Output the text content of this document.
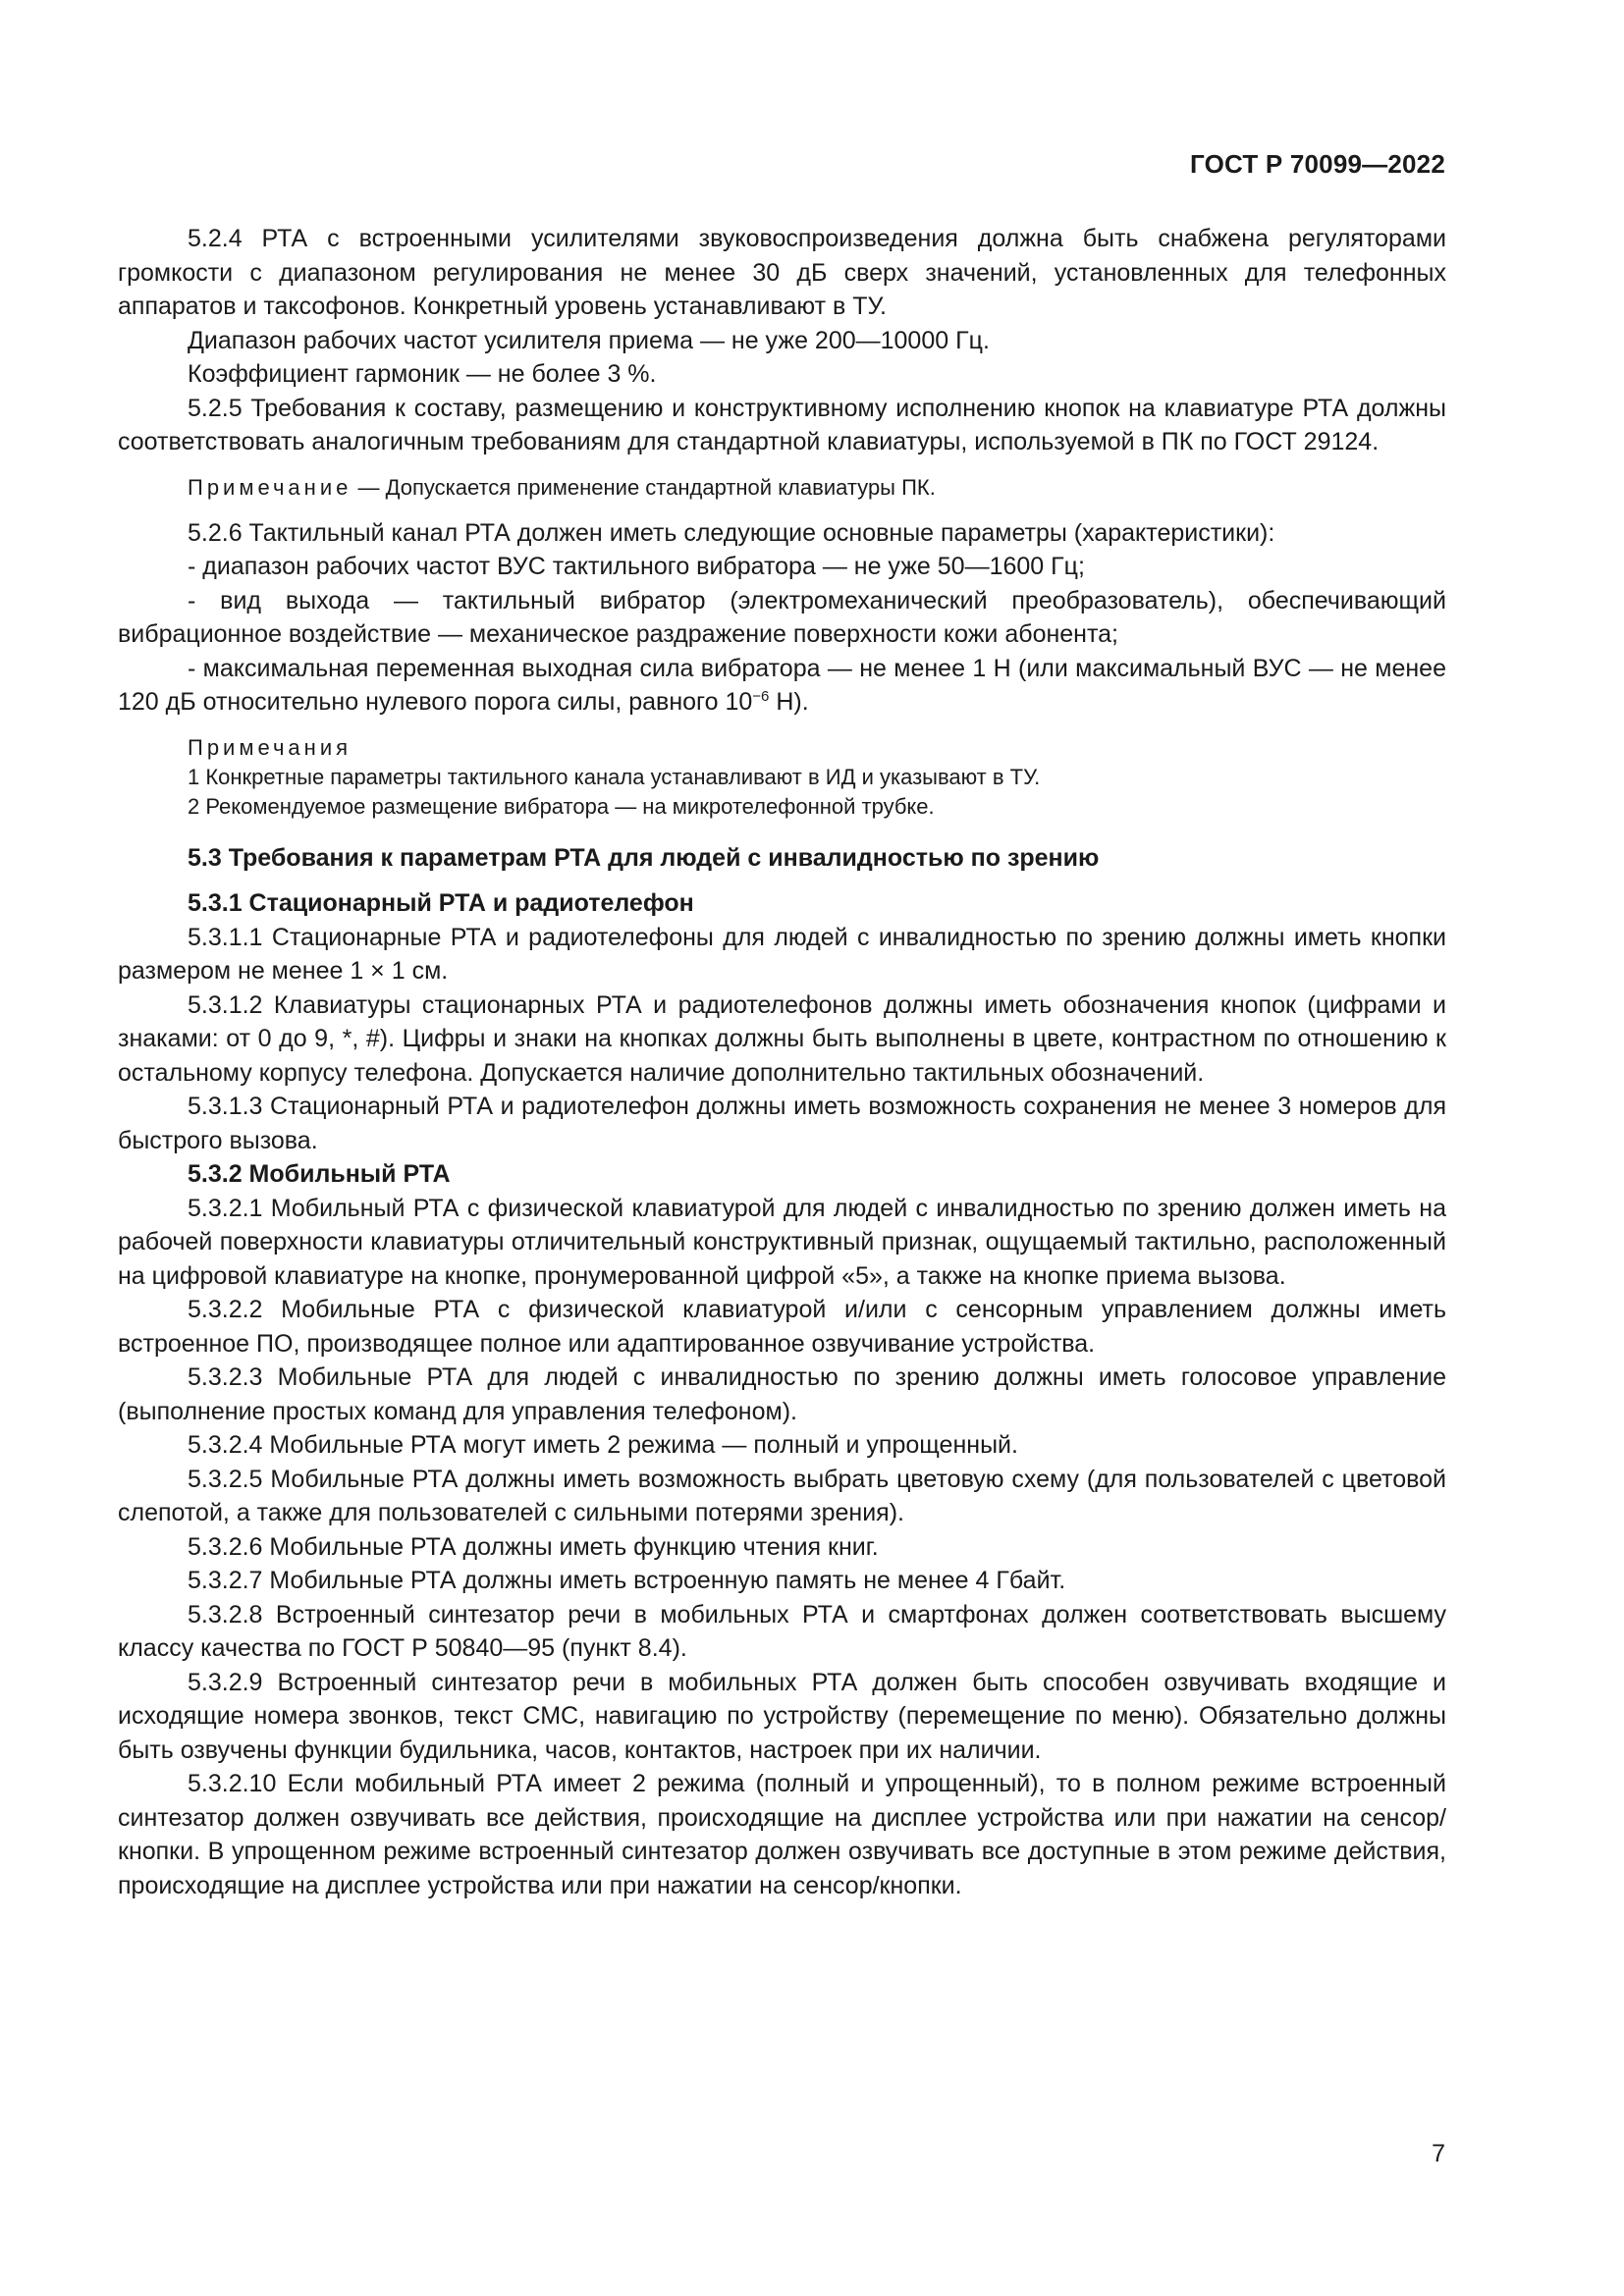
ГОСТ Р 70099—2022

5.2.4 РТА с встроенными усилителями звуковоспроизведения должна быть снабжена регуляторами громкости с диапазоном регулирования не менее 30 дБ сверх значений, установленных для телефонных аппаратов и таксофонов. Конкретный уровень устанавливают в ТУ.

Диапазон рабочих частот усилителя приема — не уже 200—10000 Гц.

Коэффициент гармоник — не более 3 %.

5.2.5 Требования к составу, размещению и конструктивному исполнению кнопок на клавиатуре РТА должны соответствовать аналогичным требованиям для стандартной клавиатуры, используемой в ПК по ГОСТ 29124.

Примечание — Допускается применение стандартной клавиатуры ПК.

5.2.6 Тактильный канал РТА должен иметь следующие основные параметры (характеристики):

- диапазон рабочих частот ВУС тактильного вибратора — не уже 50—1600 Гц;

- вид выхода — тактильный вибратор (электромеханический преобразователь), обеспечивающий вибрационное воздействие — механическое раздражение поверхности кожи абонента;

- максимальная переменная выходная сила вибратора — не менее 1 Н (или максимальный ВУС — не менее 120 дБ относительно нулевого порога силы, равного $10^{-6}$ Н).

Примечания

1 Конкретные параметры тактильного канала устанавливают в ИД и указывают в ТУ.

2 Рекомендуемое размещение вибратора — на микротелефонной трубке.

5.3 Требования к параметрам РТА для людей с инвалидностью по зрению

5.3.1 Стационарный РТА и радиотелефон

5.3.1.1 Стационарные РТА и радиотелефоны для людей с инвалидностью по зрению должны иметь кнопки размером не менее 1 × 1 см.

5.3.1.2 Клавиатуры стационарных РТА и радиотелефонов должны иметь обозначения кнопок (цифрами и знаками: от 0 до 9, *, #). Цифры и знаки на кнопках должны быть выполнены в цвете, контрастном по отношению к остальному корпусу телефона. Допускается наличие дополнительно тактильных обозначений.

5.3.1.3 Стационарный РТА и радиотелефон должны иметь возможность сохранения не менее 3 номеров для быстрого вызова.

5.3.2 Мобильный РТА

5.3.2.1 Мобильный РТА с физической клавиатурой для людей с инвалидностью по зрению должен иметь на рабочей поверхности клавиатуры отличительный конструктивный признак, ощущаемый тактильно, расположенный на цифровой клавиатуре на кнопке, пронумерованной цифрой «5», а также на кнопке приема вызова.

5.3.2.2 Мобильные РТА с физической клавиатурой и/или с сенсорным управлением должны иметь встроенное ПО, производящее полное или адаптированное озвучивание устройства.

5.3.2.3 Мобильные РТА для людей с инвалидностью по зрению должны иметь голосовое управление (выполнение простых команд для управления телефоном).

5.3.2.4 Мобильные РТА могут иметь 2 режима — полный и упрощенный.

5.3.2.5 Мобильные РТА должны иметь возможность выбрать цветовую схему (для пользователей с цветовой слепотой, а также для пользователей с сильными потерями зрения).

5.3.2.6 Мобильные РТА должны иметь функцию чтения книг.

5.3.2.7 Мобильные РТА должны иметь встроенную память не менее 4 Гбайт.

5.3.2.8 Встроенный синтезатор речи в мобильных РТА и смартфонах должен соответствовать высшему классу качества по ГОСТ Р 50840—95 (пункт 8.4).

5.3.2.9 Встроенный синтезатор речи в мобильных РТА должен быть способен озвучивать входящие и исходящие номера звонков, текст СМС, навигацию по устройству (перемещение по меню). Обязательно должны быть озвучены функции будильника, часов, контактов, настроек при их наличии.

5.3.2.10 Если мобильный РТА имеет 2 режима (полный и упрощенный), то в полном режиме встроенный синтезатор должен озвучивать все действия, происходящие на дисплее устройства или при нажатии на сенсор/кнопки. В упрощенном режиме встроенный синтезатор должен озвучивать все доступные в этом режиме действия, происходящие на дисплее устройства или при нажатии на сенсор/кнопки.

7
